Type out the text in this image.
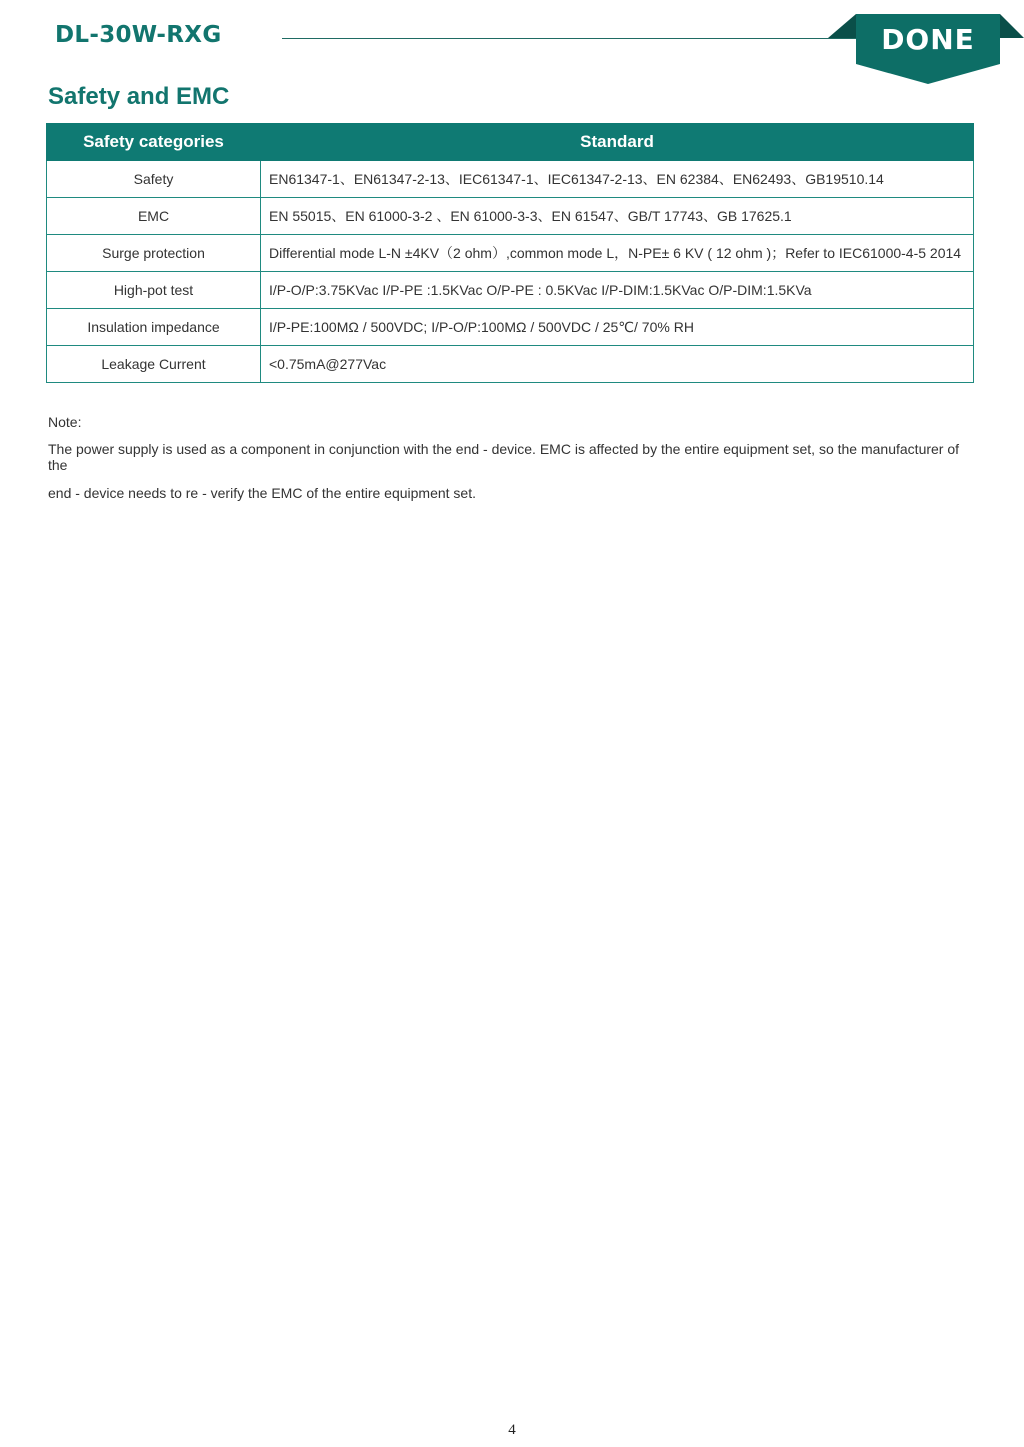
DL-30W-RXG	DONE
Safety and EMC
Safety categories	Standard
Safety	EN61347-1、EN61347-2-13、IEC61347-1、IEC61347-2-13、EN 62384、EN62493、GB19510.14
EMC	EN 55015、EN 61000-3-2 、EN 61000-3-3、EN 61547、GB/T 17743、GB 17625.1
Surge protection	Differential mode L-N ±4KV（2 ohm）,common mode L，N-PE± 6 KV ( 12 ohm )；Refer to IEC61000-4-5 2014
High-pot test	I/P-O/P:3.75KVac I/P-PE :1.5KVac O/P-PE : 0.5KVac I/P-DIM:1.5KVac O/P-DIM:1.5KVa
Insulation impedance	I/P-PE:100MΩ / 500VDC; I/P-O/P:100MΩ / 500VDC / 25℃/ 70% RH
Leakage Current	<0.75mA@277Vac
Note:
The power supply is used as a component in conjunction with the end - device. EMC is affected by the entire equipment set, so the manufacturer of the
end - device needs to re - verify the EMC of the entire equipment set.
4
